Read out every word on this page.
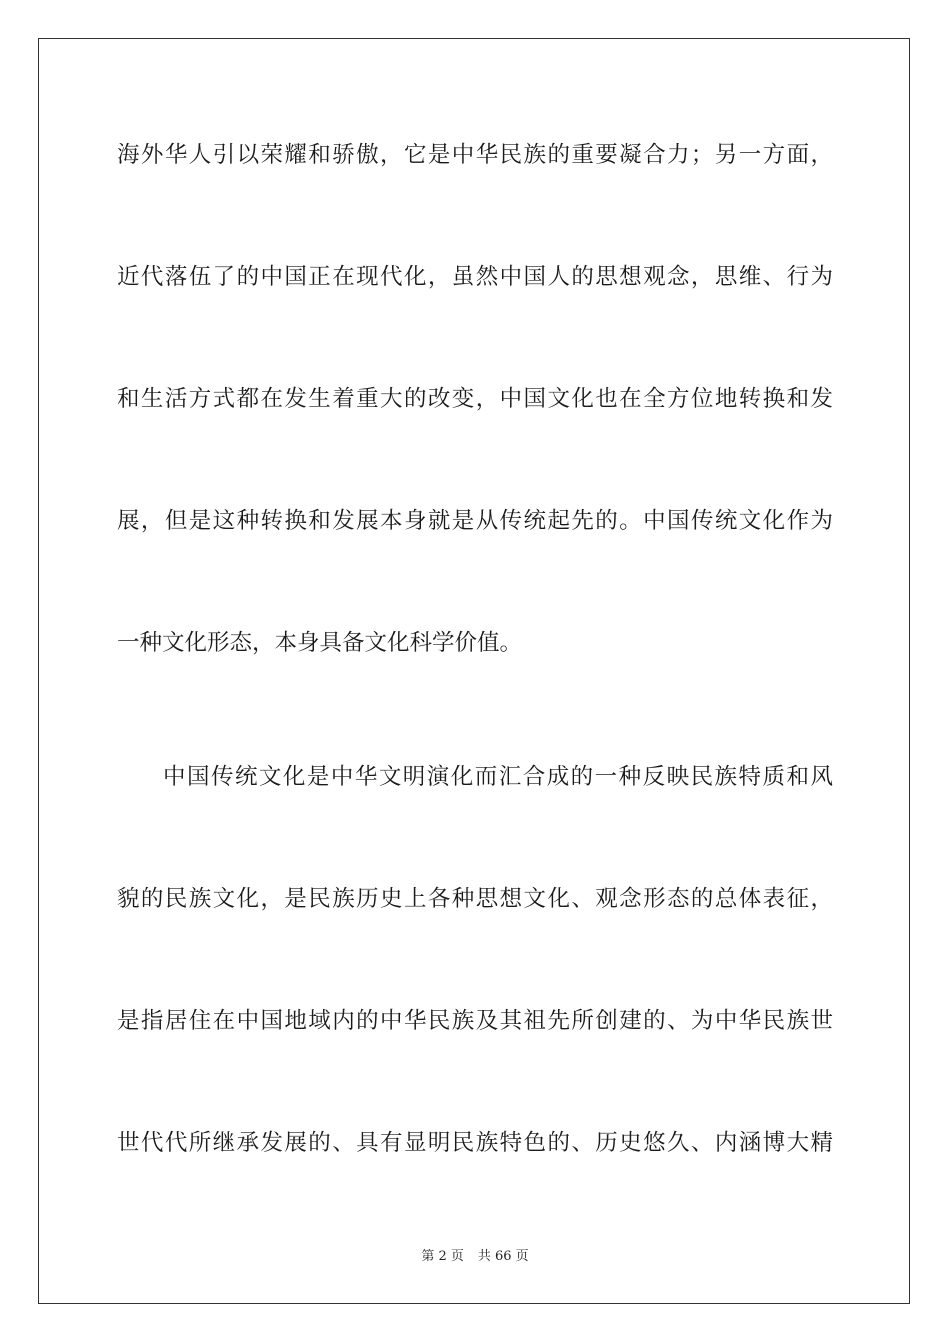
海外华人引以荣耀和骄傲，它是中华民族的重要凝合力；另一方面，
近代落伍了的中国正在现代化，虽然中国人的思想观念，思维、行为
和生活方式都在发生着重大的改变，中国文化也在全方位地转换和发
展，但是这种转换和发展本身就是从传统起先的。中国传统文化作为
一种文化形态，本身具备文化科学价值。
中国传统文化是中华文明演化而汇合成的一种反映民族特质和风
貌的民族文化，是民族历史上各种思想文化、观念形态的总体表征，
是指居住在中国地域内的中华民族及其祖先所创建的、为中华民族世
世代代所继承发展的、具有显明民族特色的、历史悠久、内涵博大精
第 2 页 共 66 页
